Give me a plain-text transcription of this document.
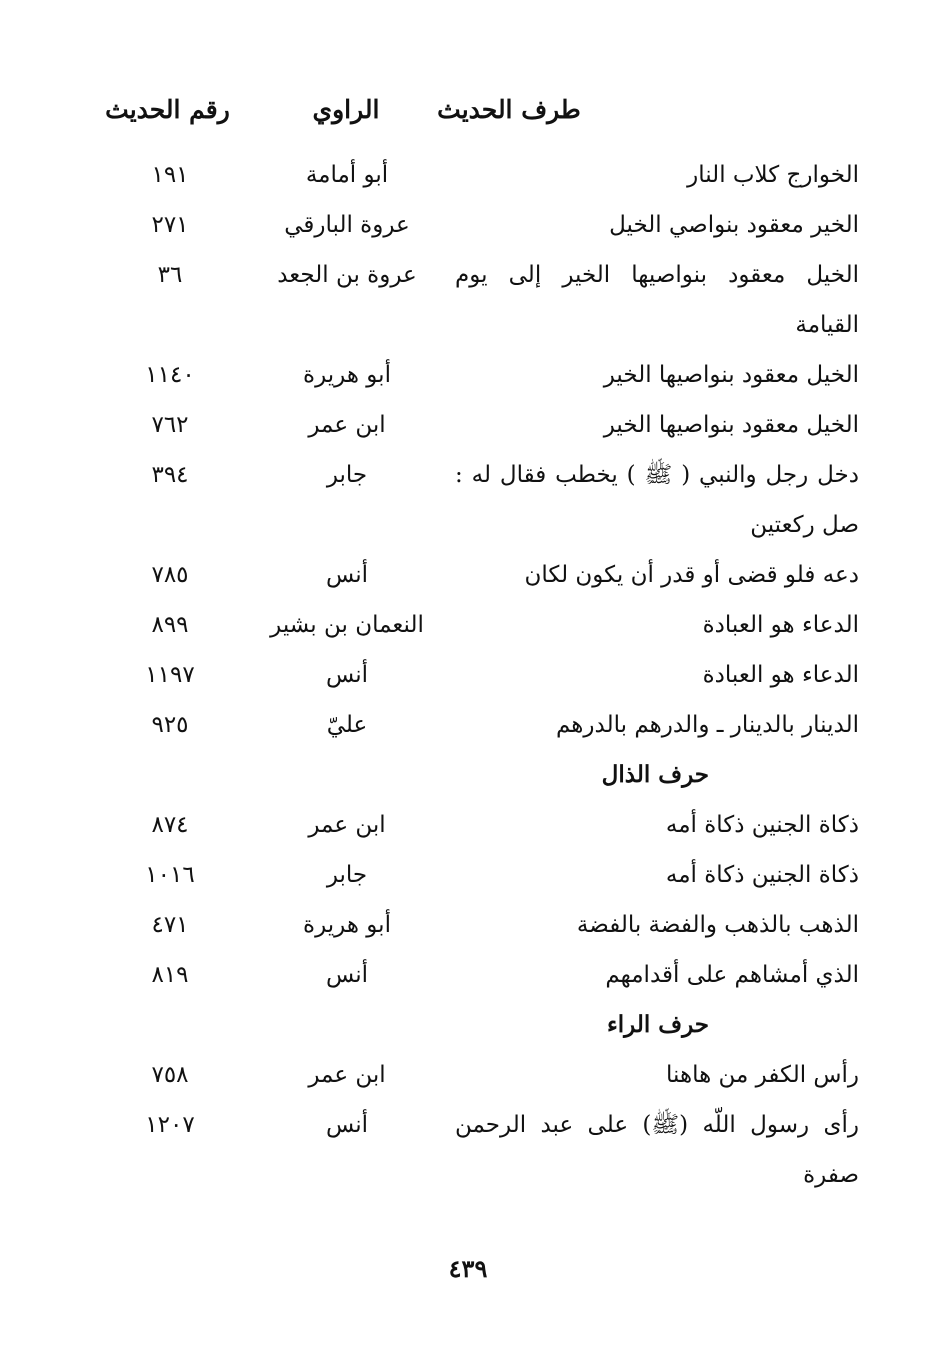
طرف الحديث
الراوي
رقم الحديث
الخوارج كلاب النار
أبو أمامة
١٩١
الخير معقود بنواصي الخيل
عروة البارقي
٢٧١
الخيل معقود بنواصيها الخير إلى يوم القيامة
عروة بن الجعد
٣٦
الخيل معقود بنواصيها الخير
أبو هريرة
١١٤٠
الخيل معقود بنواصيها الخير
ابن عمر
٧٦٢
دخل رجل والنبي ( ﷺ ) يخطب فقال له : صل ركعتين
جابر
٣٩٤
دعه فلو قضى أو قدر أن يكون لكان
أنس
٧٨٥
الدعاء هو العبادة
النعمان بن بشير
٨٩٩
الدعاء هو العبادة
أنس
١١٩٧
الدينار بالدينار ـ والدرهم بالدرهم
عليّ
٩٢٥
حرف الذال
ذكاة الجنين ذكاة أمه
ابن عمر
٨٧٤
ذكاة الجنين ذكاة أمه
جابر
١٠١٦
الذهب بالذهب والفضة بالفضة
أبو هريرة
٤٧١
الذي أمشاهم على أقدامهم
أنس
٨١٩
حرف الراء
رأس الكفر من هاهنا
ابن عمر
٧٥٨
رأى رسول اللّه (ﷺ) على عبد الرحمن صفرة
أنس
١٢٠٧
٤٣٩
